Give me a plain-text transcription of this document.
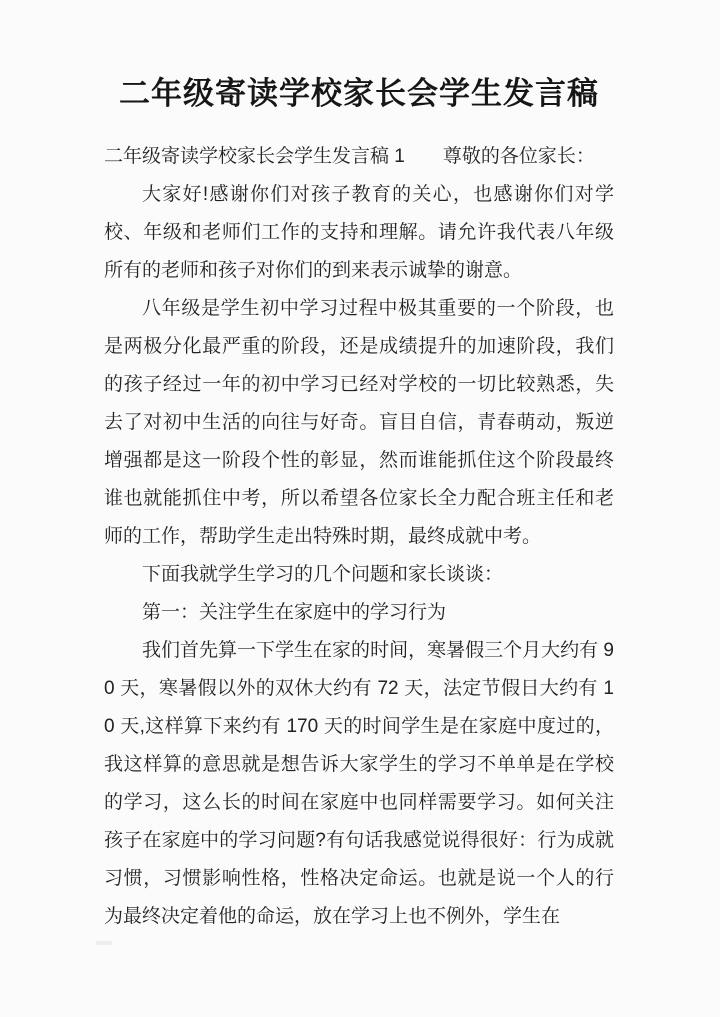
二年级寄读学校家长会学生发言稿

二年级寄读学校家长会学生发言稿 1　　尊敬的各位家长：

大家好!感谢你们对孩子教育的关心，也感谢你们对学校、年级和老师们工作的支持和理解。请允许我代表八年级所有的老师和孩子对你们的到来表示诚挚的谢意。

八年级是学生初中学习过程中极其重要的一个阶段，也是两极分化最严重的阶段，还是成绩提升的加速阶段，我们的孩子经过一年的初中学习已经对学校的一切比较熟悉，失去了对初中生活的向往与好奇。盲目自信，青春萌动，叛逆增强都是这一阶段个性的彰显，然而谁能抓住这个阶段最终谁也就能抓住中考，所以希望各位家长全力配合班主任和老师的工作，帮助学生走出特殊时期，最终成就中考。

下面我就学生学习的几个问题和家长谈谈：

第一：关注学生在家庭中的学习行为

我们首先算一下学生在家的时间，寒暑假三个月大约有 90 天，寒暑假以外的双休大约有 72 天，法定节假日大约有 10 天,这样算下来约有 170 天的时间学生是在家庭中度过的，我这样算的意思就是想告诉大家学生的学习不单单是在学校的学习，这么长的时间在家庭中也同样需要学习。如何关注孩子在家庭中的学习问题?有句话我感觉说得很好：行为成就习惯，习惯影响性格，性格决定命运。也就是说一个人的行为最终决定着他的命运，放在学习上也不例外，学生在
